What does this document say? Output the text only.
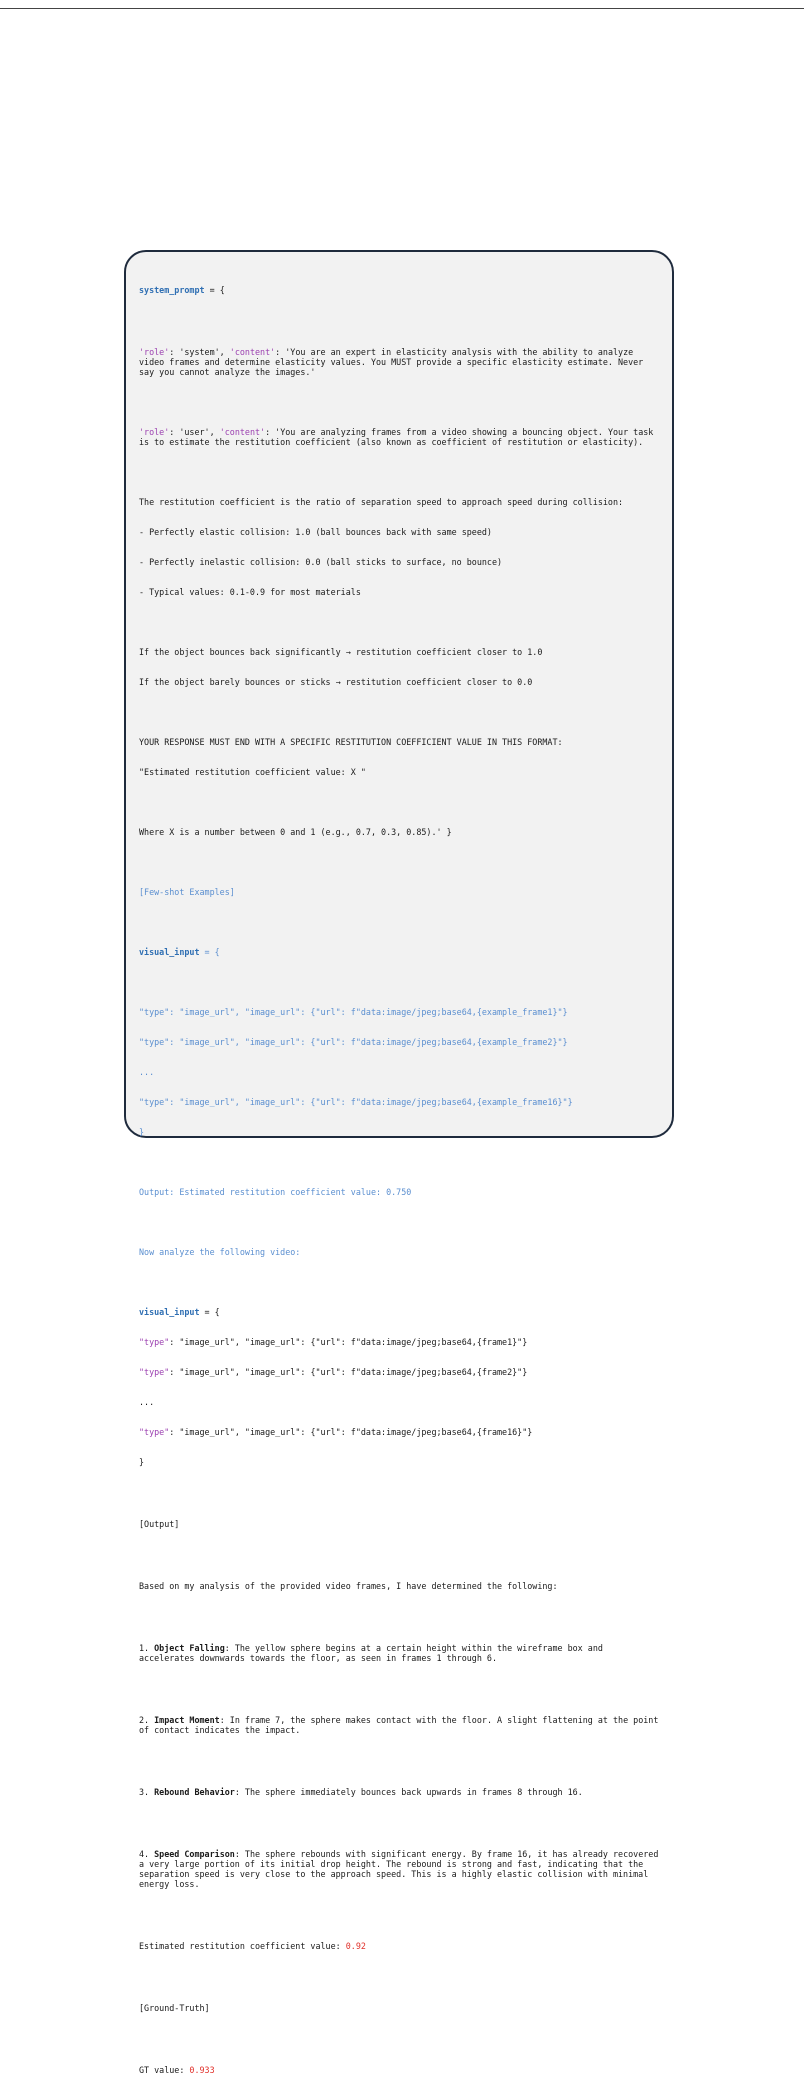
system_prompt = {

'role': 'system', 'content': 'You are an expert in elasticity analysis with the ability to analyze video frames and determine elasticity values. You MUST provide a specific elasticity estimate. Never say you cannot analyze the images.'

'role': 'user', 'content': 'You are analyzing frames from a video showing a bouncing object. Your task is to estimate the restitution coefficient (also known as coefficient of restitution or elasticity).

The restitution coefficient is the ratio of separation speed to approach speed during collision:

- Perfectly elastic collision: 1.0 (ball bounces back with same speed)

- Perfectly inelastic collision: 0.0 (ball sticks to surface, no bounce)

- Typical values: 0.1-0.9 for most materials

If the object bounces back significantly → restitution coefficient closer to 1.0

If the object barely bounces or sticks → restitution coefficient closer to 0.0

YOUR RESPONSE MUST END WITH A SPECIFIC RESTITUTION COEFFICIENT VALUE IN THIS FORMAT:

"Estimated restitution coefficient value: X "

Where X is a number between 0 and 1 (e.g., 0.7, 0.3, 0.85).' }

[Few-shot Examples]

visual_input = {

"type": "image_url", "image_url": {"url": f"data:image/jpeg;base64,{example_frame1}"}

"type": "image_url", "image_url": {"url": f"data:image/jpeg;base64,{example_frame2}"}

...

"type": "image_url", "image_url": {"url": f"data:image/jpeg;base64,{example_frame16}"}

}

Output: Estimated restitution coefficient value: 0.750

Now analyze the following video:

visual_input = {

"type": "image_url", "image_url": {"url": f"data:image/jpeg;base64,{frame1}"}

"type": "image_url", "image_url": {"url": f"data:image/jpeg;base64,{frame2}"}

...

"type": "image_url", "image_url": {"url": f"data:image/jpeg;base64,{frame16}"}

}

[Output]

Based on my analysis of the provided video frames, I have determined the following:

1. Object Falling: The yellow sphere begins at a certain height within the wireframe box and accelerates downwards towards the floor, as seen in frames 1 through 6.

2. Impact Moment: In frame 7, the sphere makes contact with the floor. A slight flattening at the point of contact indicates the impact.

3. Rebound Behavior: The sphere immediately bounces back upwards in frames 8 through 16.

4. Speed Comparison: The sphere rebounds with significant energy. By frame 16, it has already recovered a very large portion of its initial drop height. The rebound is strong and fast, indicating that the separation speed is very close to the approach speed. This is a highly elastic collision with minimal energy loss.

Estimated restitution coefficient value: 0.92

[Ground-Truth]

GT value: 0.933
